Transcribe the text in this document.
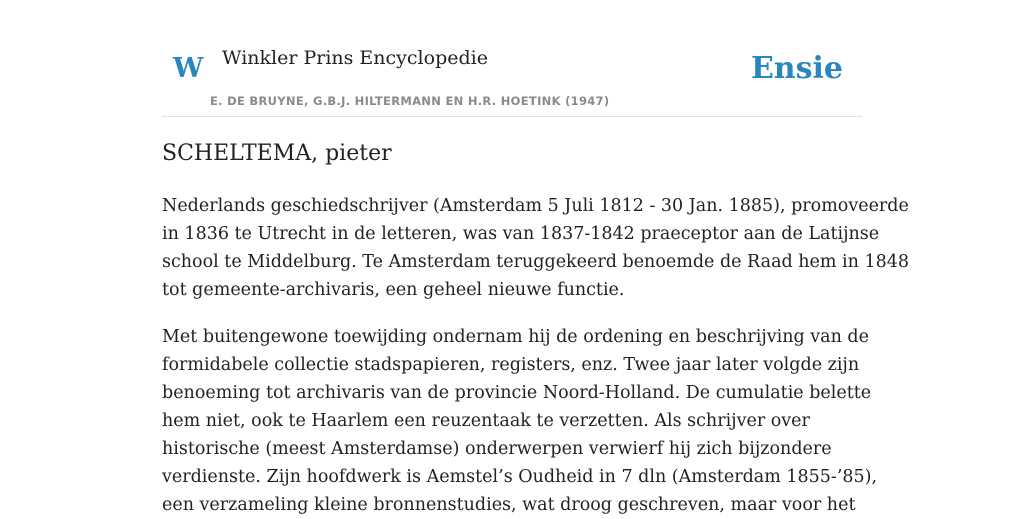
W Winkler Prins Encyclopedie
E. DE BRUYNE, G.B.J. HILTERMANN EN H.R. HOETINK (1947)
Ensie
SCHELTEMA, pieter

Nederlands geschiedschrijver (Amsterdam 5 Juli 1812 - 30 Jan. 1885), promoveerde
in 1836 te Utrecht in de letteren, was van 1837-1842 praeceptor aan de Latijnse
school te Middelburg. Te Amsterdam teruggekeerd benoemde de Raad hem in 1848
tot gemeente-archivaris, een geheel nieuwe functie.

Met buitengewone toewijding ondernam hij de ordening en beschrijving van de
formidabele collectie stadspapieren, registers, enz. Twee jaar later volgde zijn
benoeming tot archivaris van de provincie Noord-Holland. De cumulatie belette
hem niet, ook te Haarlem een reuzentaak te verzetten. Als schrijver over
historische (meest Amsterdamse) onderwerpen verwierf hij zich bijzondere
verdienste. Zijn hoofdwerk is Aemstel’s Oudheid in 7 dln (Amsterdam 1855-’85),
een verzameling kleine bronnenstudies, wat droog geschreven, maar voor het
